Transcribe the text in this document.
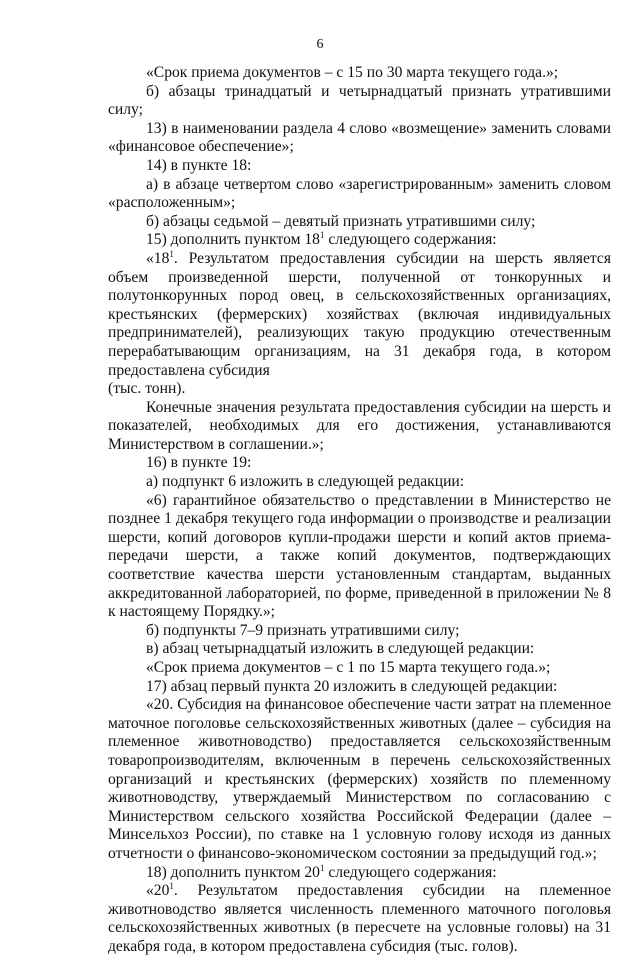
6

«Срок приема документов – с 15 по 30 марта текущего года.»;

б) абзацы тринадцатый и четырнадцатый признать утратившими силу;

13) в наименовании раздела 4 слово «возмещение» заменить словами «финансовое обеспечение»;

14) в пункте 18:

а) в абзаце четвертом слово «зарегистрированным» заменить словом «расположенным»;

б) абзацы седьмой – девятый признать утратившими силу;

15) дополнить пунктом $18^1$ следующего содержания:

«$18^1$. Результатом предоставления субсидии на шерсть является объем произведенной шерсти, полученной от тонкорунных и полутонкорунных пород овец, в сельскохозяйственных организациях, крестьянских (фермерских) хозяйствах (включая индивидуальных предпринимателей), реализующих такую продукцию отечественным перерабатывающим организациям, на 31 декабря года, в котором предоставлена субсидия

(тыс. тонн).

Конечные значения результата предоставления субсидии на шерсть и показателей, необходимых для его достижения, устанавливаются Министерством в соглашении.»;

16) в пункте 19:

а) подпункт 6 изложить в следующей редакции:

«6) гарантийное обязательство о представлении в Министерство не позднее 1 декабря текущего года информации о производстве и реализации шерсти, копий договоров купли-продажи шерсти и копий актов приема-передачи шерсти, а также копий документов, подтверждающих соответствие качества шерсти установленным стандартам, выданных аккредитованной лабораторией, по форме, приведенной в приложении № 8 к настоящему Порядку.»;

б) подпункты 7–9 признать утратившими силу;

в) абзац четырнадцатый изложить в следующей редакции:

«Срок приема документов – с 1 по 15 марта текущего года.»;

17) абзац первый пункта 20 изложить в следующей редакции:

«20. Субсидия на финансовое обеспечение части затрат на племенное маточное поголовье сельскохозяйственных животных (далее – субсидия на племенное животноводство) предоставляется сельскохозяйственным товаропроизводителям, включенным в перечень сельскохозяйственных организаций и крестьянских (фермерских) хозяйств по племенному животноводству, утверждаемый Министерством по согласованию с Министерством сельского хозяйства Российской Федерации (далее – Минсельхоз России), по ставке на 1 условную голову исходя из данных отчетности о финансово-экономическом состоянии за предыдущий год.»;

18) дополнить пунктом $20^1$ следующего содержания:

«$20^1$. Результатом предоставления субсидии на племенное животноводство является численность племенного маточного поголовья сельскохозяйственных животных (в пересчете на условные головы) на 31 декабря года, в котором предоставлена субсидия (тыс. голов).
